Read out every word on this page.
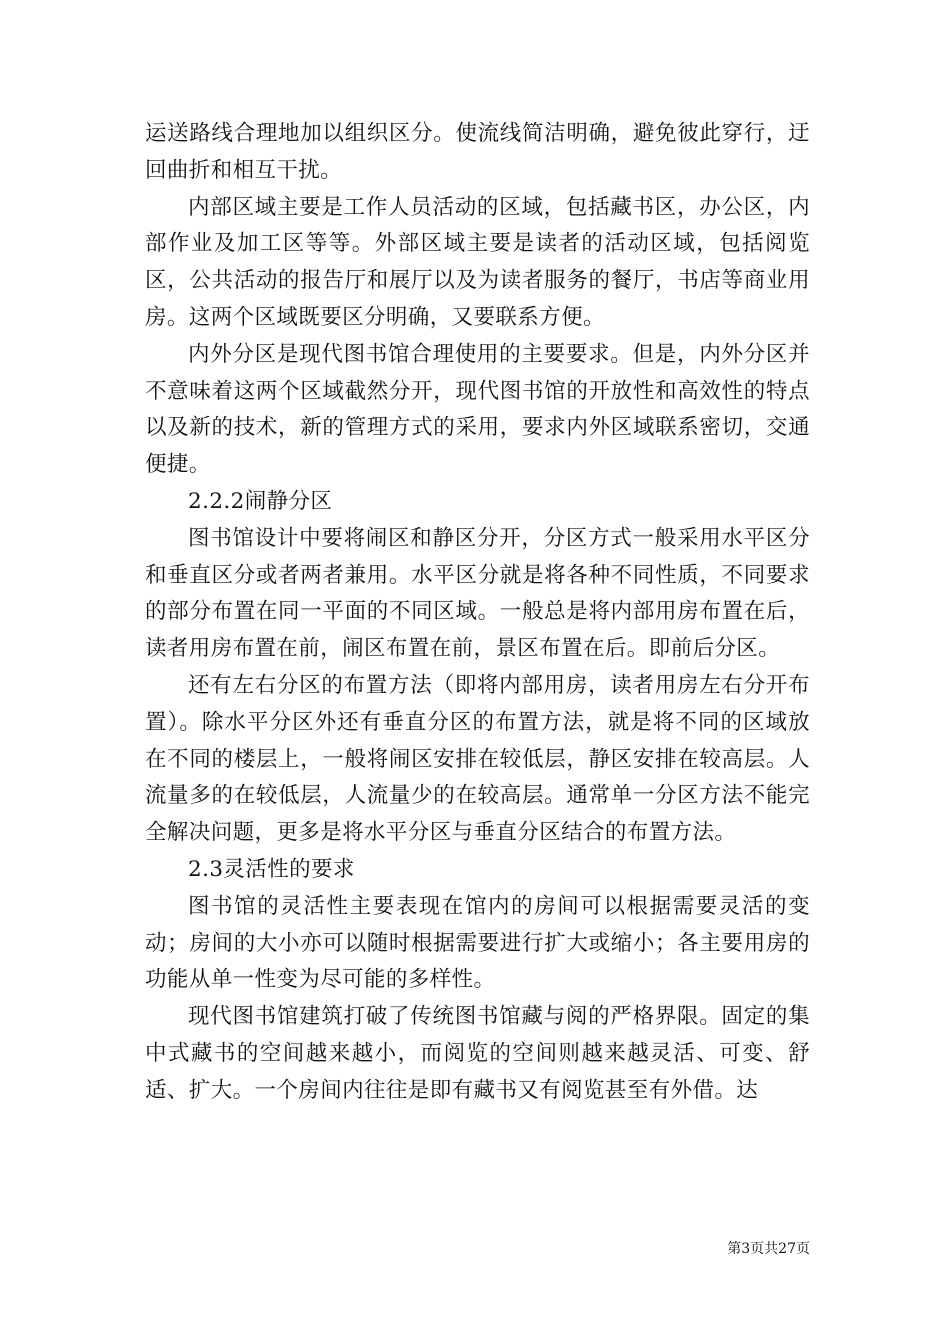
运送路线合理地加以组织区分。使流线简洁明确，避免彼此穿行，迂回曲折和相互干扰。

内部区域主要是工作人员活动的区域，包括藏书区，办公区，内部作业及加工区等等。外部区域主要是读者的活动区域，包括阅览区，公共活动的报告厅和展厅以及为读者服务的餐厅，书店等商业用房。这两个区域既要区分明确，又要联系方便。

内外分区是现代图书馆合理使用的主要要求。但是，内外分区并不意味着这两个区域截然分开，现代图书馆的开放性和高效性的特点以及新的技术，新的管理方式的采用，要求内外区域联系密切，交通便捷。

2.2.2闹静分区

图书馆设计中要将闹区和静区分开，分区方式一般采用水平区分和垂直区分或者两者兼用。水平区分就是将各种不同性质，不同要求的部分布置在同一平面的不同区域。一般总是将内部用房布置在后，读者用房布置在前，闹区布置在前，景区布置在后。即前后分区。

还有左右分区的布置方法（即将内部用房，读者用房左右分开布置）。除水平分区外还有垂直分区的布置方法，就是将不同的区域放在不同的楼层上，一般将闹区安排在较低层，静区安排在较高层。人流量多的在较低层，人流量少的在较高层。通常单一分区方法不能完全解决问题，更多是将水平分区与垂直分区结合的布置方法。

2.3灵活性的要求

图书馆的灵活性主要表现在馆内的房间可以根据需要灵活的变动；房间的大小亦可以随时根据需要进行扩大或缩小；各主要用房的功能从单一性变为尽可能的多样性。

现代图书馆建筑打破了传统图书馆藏与阅的严格界限。固定的集中式藏书的空间越来越小，而阅览的空间则越来越灵活、可变、舒适、扩大。一个房间内往往是即有藏书又有阅览甚至有外借。达

第3页共27页
